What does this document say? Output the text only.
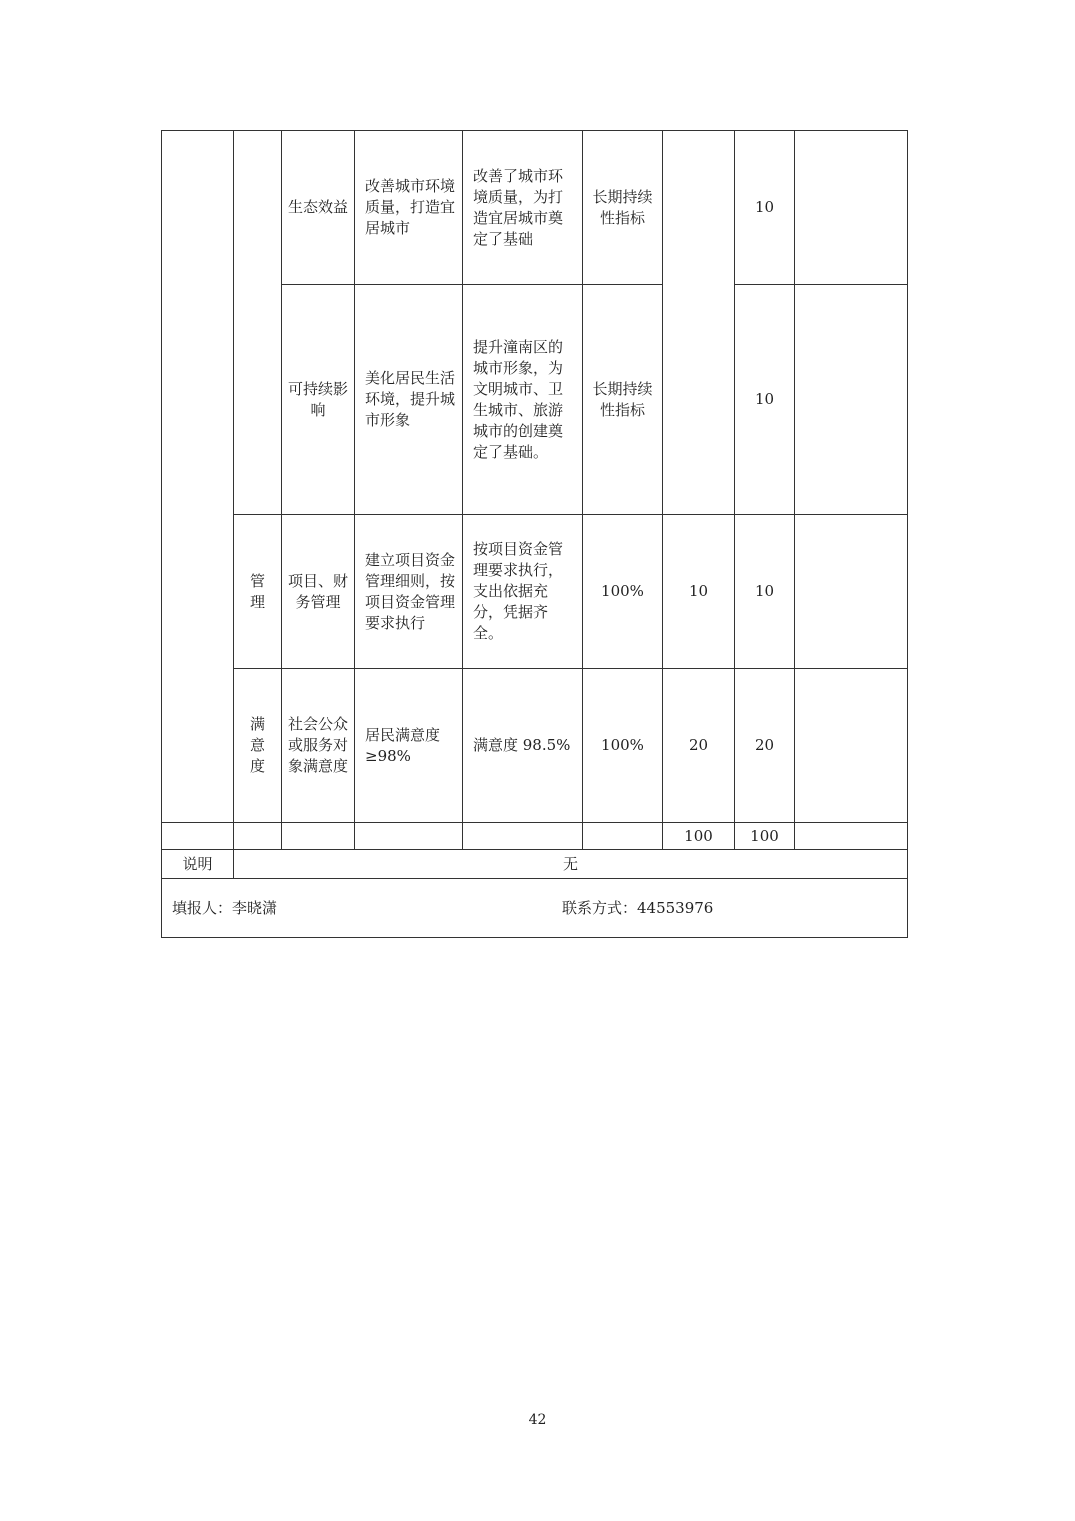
		生态效益	改善城市环境质量，打造宜居城市	改善了城市环境质量，为打造宜居城市奠定了基础	长期持续性指标		10	
		可持续影响	美化居民生活环境，提升城市形象	提升潼南区的城市形象，为文明城市、卫生城市、旅游城市的创建奠定了基础。	长期持续性指标		10	
	管理	项目、财务管理	建立项目资金管理细则，按项目资金管理要求执行	按项目资金管理要求执行，支出依据充分，凭据齐全。	100%	10	10	
	满意度	社会公众或服务对象满意度	居民满意度≥98%	满意度 98.5%	100%	20	20	
						100	100	
说明	无							

填报人：李晓潇 联系方式：44553976								
42
